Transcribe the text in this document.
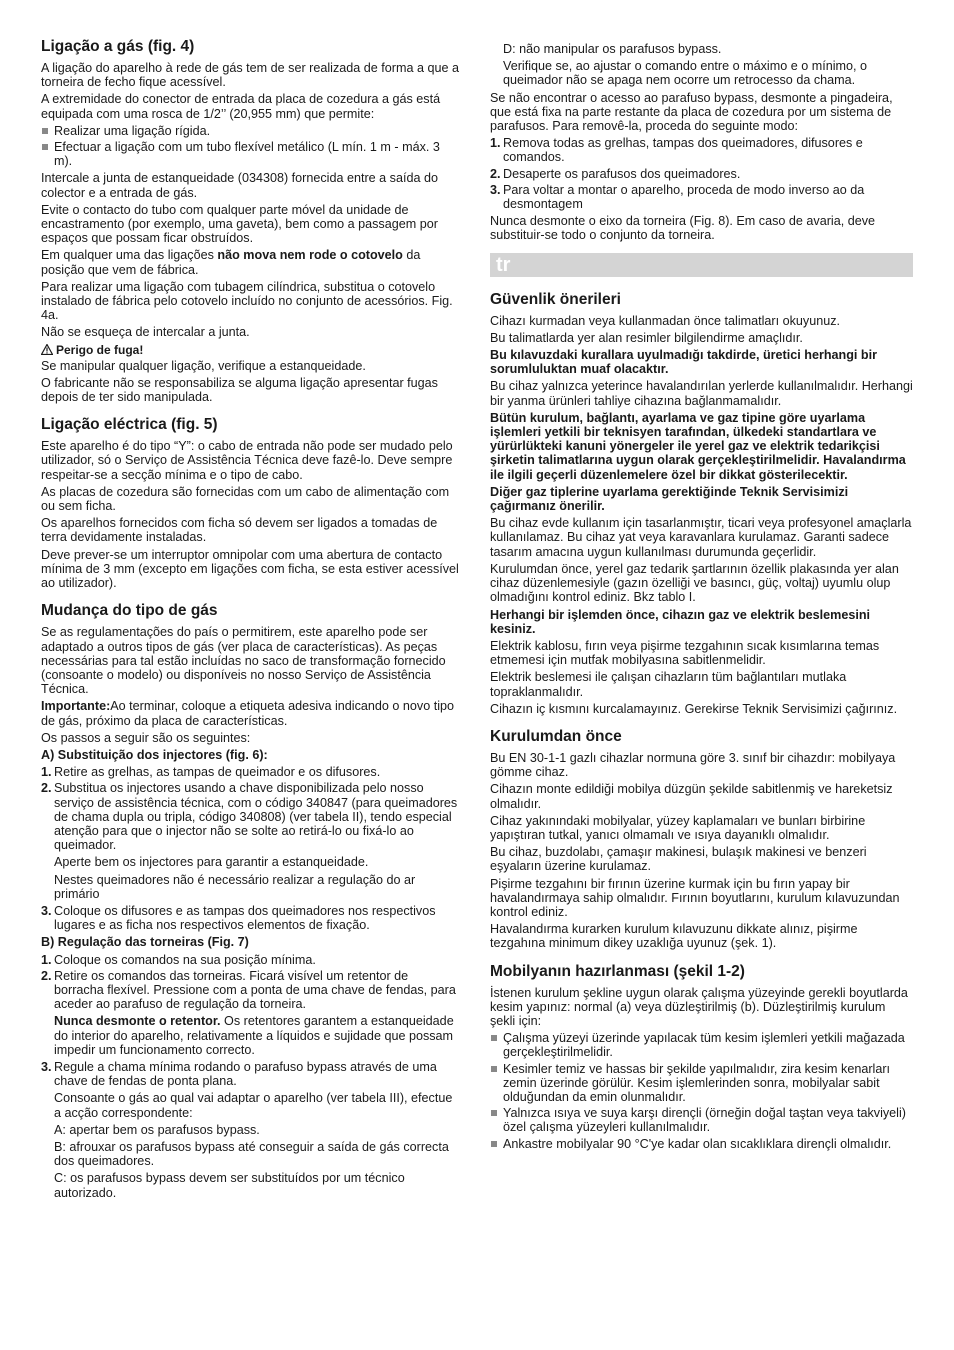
Ligação a gás (fig. 4)

A ligação do aparelho à rede de gás tem de ser realizada de forma a que a torneira de fecho fique acessível.

A extremidade do conector de entrada da placa de cozedura a gás está equipada com uma rosca de 1/2’’ (20,955 mm) que permite:

Realizar uma ligação rígida.
Efectuar a ligação com um tubo flexível metálico (L mín. 1 m - máx. 3 m).

Intercale a junta de estanqueidade (034308) fornecida entre a saída do colector e a entrada de gás.

Evite o contacto do tubo com qualquer parte móvel da unidade de encastramento (por exemplo, uma gaveta), bem como a passagem por espaços que possam ficar obstruídos.

Em qualquer uma das ligações não mova nem rode o cotovelo da posição que vem de fábrica.

Para realizar uma ligação com tubagem cilíndrica, substitua o cotovelo instalado de fábrica pelo cotovelo incluído no conjunto de acessórios. Fig. 4a.

Não se esqueça de intercalar a junta.

Perigo de fuga!

Se manipular qualquer ligação, verifique a estanqueidade.

O fabricante não se responsabiliza se alguma ligação apresentar fugas depois de ter sido manipulada.

Ligação eléctrica (fig. 5)

Este aparelho é do tipo “Y”: o cabo de entrada não pode ser mudado pelo utilizador, só o Serviço de Assistência Técnica deve fazê-lo. Deve sempre respeitar-se a secção mínima e o tipo de cabo.

As placas de cozedura são fornecidas com um cabo de alimentação com ou sem ficha.

Os aparelhos fornecidos com ficha só devem ser ligados a tomadas de terra devidamente instaladas.

Deve prever-se um interruptor omnipolar com uma abertura de contacto mínima de 3 mm (excepto em ligações com ficha, se esta estiver acessível ao utilizador).

Mudança do tipo de gás

Se as regulamentações do país o permitirem, este aparelho pode ser adaptado a outros tipos de gás (ver placa de características). As peças necessárias para tal estão incluídas no saco de transformação fornecido (consoante o modelo) ou disponíveis no nosso Serviço de Assistência Técnica.

Importante:Ao terminar, coloque a etiqueta adesiva indicando o novo tipo de gás, próximo da placa de características.

Os passos a seguir são os seguintes:

A) Substituição dos injectores (fig. 6):
1. Retire as grelhas, as tampas de queimador e os difusores.
2. Substitua os injectores usando a chave disponibilizada pelo nosso serviço de assistência técnica, com o código 340847 (para queimadores de chama dupla ou tripla, código 340808) (ver tabela II), tendo especial atenção para que o injector não se solte ao retirá-lo ou fixá-lo ao queimador.

Aperte bem os injectores para garantir a estanqueidade.

Nestes queimadores não é necessário realizar a regulação do ar primário

3. Coloque os difusores e as tampas dos queimadores nos respectivos lugares e as ficha nos respectivos elementos de fixação.
B) Regulação das torneiras (Fig. 7)
1. Coloque os comandos na sua posição mínima.
2. Retire os comandos das torneiras. Ficará visível um retentor de borracha flexível. Pressione com a ponta de uma chave de fendas, para aceder ao parafuso de regulação da torneira.

Nunca desmonte o retentor. Os retentores garantem a estanqueidade do interior do aparelho, relativamente a líquidos e sujidade que possam impedir um funcionamento correcto.

3. Regule a chama mínima rodando o parafuso bypass através de uma chave de fendas de ponta plana.

Consoante o gás ao qual vai adaptar o aparelho (ver tabela III), efectue a acção correspondente:

A: apertar bem os parafusos bypass.

B: afrouxar os parafusos bypass até conseguir a saída de gás correcta dos queimadores.

C: os parafusos bypass devem ser substituídos por um técnico autorizado.

D: não manipular os parafusos bypass.

Verifique se, ao ajustar o comando entre o máximo e o mínimo, o queimador não se apaga nem ocorre um retrocesso da chama.

Se não encontrar o acesso ao parafuso bypass, desmonte a pingadeira, que está fixa na parte restante da placa de cozedura por um sistema de parafusos. Para removê-la, proceda do seguinte modo:

1. Remova todas as grelhas, tampas dos queimadores, difusores e comandos.
2. Desaperte os parafusos dos queimadores.
3. Para voltar a montar o aparelho, proceda de modo inverso ao da desmontagem

Nunca desmonte o eixo da torneira (Fig. 8). Em caso de avaria, deve substituir-se todo o conjunto da torneira.

tr
Güvenlik önerileri

Cihazı kurmadan veya kullanmadan önce talimatları okuyunuz.

Bu talimatlarda yer alan resimler bilgilendirme amaçlıdır.

Bu kılavuzdaki kurallara uyulmadığı takdirde, üretici herhangi bir sorumluluktan muaf olacaktır.

Bu cihaz yalnızca yeterince havalandırılan yerlerde kullanılmalıdır. Herhangi bir yanma ürünleri tahliye cihazına bağlanmamalıdır.

Bütün kurulum, bağlantı, ayarlama ve gaz tipine göre uyarlama işlemleri yetkili bir teknisyen tarafından, ülkedeki standartlara ve yürürlükteki kanuni yönergeler ile yerel gaz ve elektrik tedarikçisi şirketin talimatlarına uygun olarak gerçekleştirilmelidir. Havalandırma ile ilgili geçerli düzenlemelere özel bir dikkat gösterilecektir.

Diğer gaz tiplerine uyarlama gerektiğinde Teknik Servisimizi çağırmanız önerilir.

Bu cihaz evde kullanım için tasarlanmıştır, ticari veya profesyonel amaçlarla kullanılamaz. Bu cihaz yat veya karavanlara kurulamaz. Garanti sadece tasarım amacına uygun kullanılması durumunda geçerlidir.

Kurulumdan önce, yerel gaz tedarik şartlarının özellik plakasında yer alan cihaz düzenlemesiyle (gazın özelliği ve basıncı, güç, voltaj) uyumlu olup olmadığını kontrol ediniz. Bkz tablo I.

Herhangi bir işlemden önce, cihazın gaz ve elektrik beslemesini kesiniz.

Elektrik kablosu, fırın veya pişirme tezgahının sıcak kısımlarına temas etmemesi için mutfak mobilyasına sabitlenmelidir.

Elektrik beslemesi ile çalışan cihazların tüm bağlantıları mutlaka topraklanmalıdır.

Cihazın iç kısmını kurcalamayınız. Gerekirse Teknik Servisimizi çağırınız.

Kurulumdan önce

Bu EN 30-1-1 gazlı cihazlar normuna göre 3. sınıf bir cihazdır: mobilyaya gömme cihaz.

Cihazın monte edildiği mobilya düzgün şekilde sabitlenmiş ve hareketsiz olmalıdır.

Cihaz yakınındaki mobilyalar, yüzey kaplamaları ve bunları birbirine yapıştıran tutkal, yanıcı olmamalı ve ısıya dayanıklı olmalıdır.

Bu cihaz, buzdolabı, çamaşır makinesi, bulaşık makinesi ve benzeri eşyaların üzerine kurulamaz.

Pişirme tezgahını bir fırının üzerine kurmak için bu fırın yapay bir havalandırmaya sahip olmalıdır. Fırının boyutlarını, kurulum kılavuzundan kontrol ediniz.

Havalandırma kurarken kurulum kılavuzunu dikkate alınız, pişirme tezgahına minimum dikey uzaklığa uyunuz (şek. 1).

Mobilyanın hazırlanması (şekil 1-2)

İstenen kurulum şekline uygun olarak çalışma yüzeyinde gerekli boyutlarda kesim yapınız: normal (a) veya düzleştirilmiş (b). Düzleştirilmiş kurulum şekli için:

Çalışma yüzeyi üzerinde yapılacak tüm kesim işlemleri yetkili mağazada gerçekleştirilmelidir.
Kesimler temiz ve hassas bir şekilde yapılmalıdır, zira kesim kenarları zemin üzerinde görülür. Kesim işlemlerinden sonra, mobilyalar sabit olduğundan da emin olunmalıdır.
Yalnızca ısıya ve suya karşı dirençli (örneğin doğal taştan veya takviyeli) özel çalışma yüzeyleri kullanılmalıdır.
Ankastre mobilyalar 90 °C'ye kadar olan sıcaklıklara dirençli olmalıdır.
